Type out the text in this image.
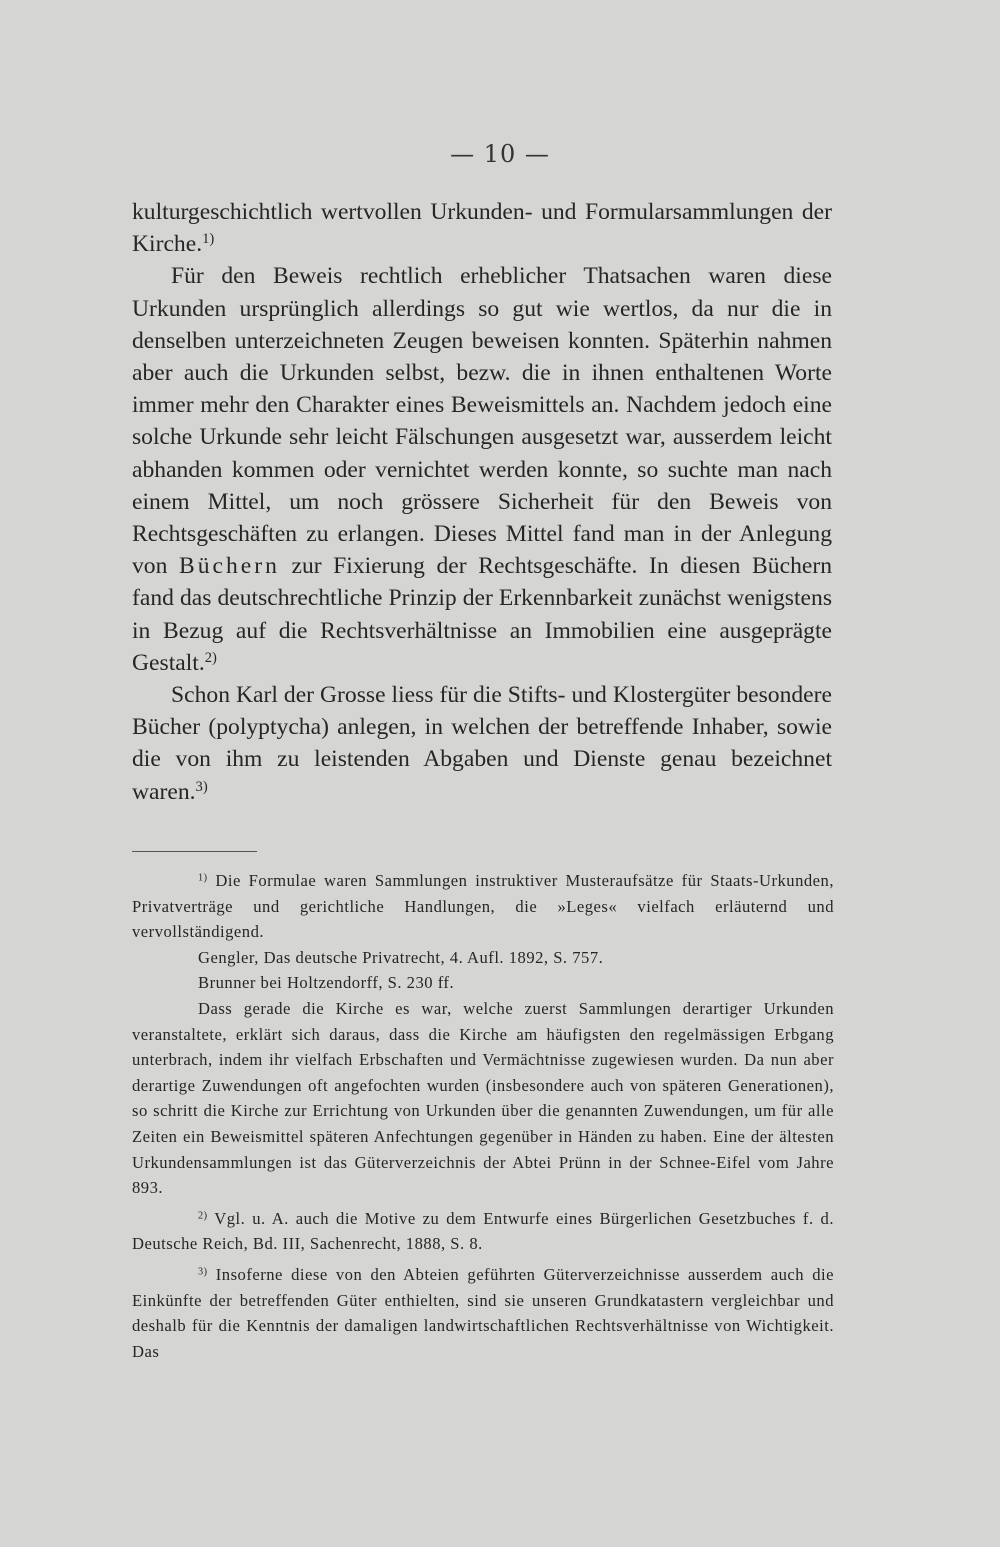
— 10 —

kulturgeschichtlich wertvollen Urkunden- und Formularsammlungen der Kirche.$^{1)}$

Für den Beweis rechtlich erheblicher Thatsachen waren diese Urkunden ursprünglich allerdings so gut wie wertlos, da nur die in denselben unterzeichneten Zeugen beweisen konnten. Späterhin nahmen aber auch die Urkunden selbst, bezw. die in ihnen enthaltenen Worte immer mehr den Charakter eines Beweismittels an. Nachdem jedoch eine solche Urkunde sehr leicht Fälschungen ausgesetzt war, ausserdem leicht abhanden kommen oder vernichtet werden konnte, so suchte man nach einem Mittel, um noch grössere Sicherheit für den Beweis von Rechtsgeschäften zu erlangen. Dieses Mittel fand man in der Anlegung von Büchern zur Fixierung der Rechtsgeschäfte. In diesen Büchern fand das deutschrechtliche Prinzip der Erkennbarkeit zunächst wenigstens in Bezug auf die Rechtsverhältnisse an Immobilien eine ausgeprägte Gestalt.$^{2)}$

Schon Karl der Grosse liess für die Stifts- und Klostergüter besondere Bücher (polyptycha) anlegen, in welchen der betreffende Inhaber, sowie die von ihm zu leistenden Abgaben und Dienste genau bezeichnet waren.$^{3)}$

$^{1)}$ Die Formulae waren Sammlungen instruktiver Musteraufsätze für Staats-Urkunden, Privatverträge und gerichtliche Handlungen, die »Leges« vielfach erläuternd und vervollständigend.

Gengler, Das deutsche Privatrecht, 4. Aufl. 1892, S. 757.

Brunner bei Holtzendorff, S. 230 ff.

Dass gerade die Kirche es war, welche zuerst Sammlungen derartiger Urkunden veranstaltete, erklärt sich daraus, dass die Kirche am häufigsten den regelmässigen Erbgang unterbrach, indem ihr vielfach Erbschaften und Vermächtnisse zugewiesen wurden. Da nun aber derartige Zuwendungen oft angefochten wurden (insbesondere auch von späteren Generationen), so schritt die Kirche zur Errichtung von Urkunden über die genannten Zuwendungen, um für alle Zeiten ein Beweismittel späteren Anfechtungen gegenüber in Händen zu haben. Eine der ältesten Urkundensammlungen ist das Güterverzeichnis der Abtei Prünn in der Schnee-Eifel vom Jahre 893.

$^{2)}$ Vgl. u. A. auch die Motive zu dem Entwurfe eines Bürgerlichen Gesetzbuches f. d. Deutsche Reich, Bd. III, Sachenrecht, 1888, S. 8.

$^{3)}$ Insoferne diese von den Abteien geführten Güterverzeichnisse ausserdem auch die Einkünfte der betreffenden Güter enthielten, sind sie unseren Grundkatastern vergleichbar und deshalb für die Kenntnis der damaligen landwirtschaftlichen Rechtsverhältnisse von Wichtigkeit. Das
